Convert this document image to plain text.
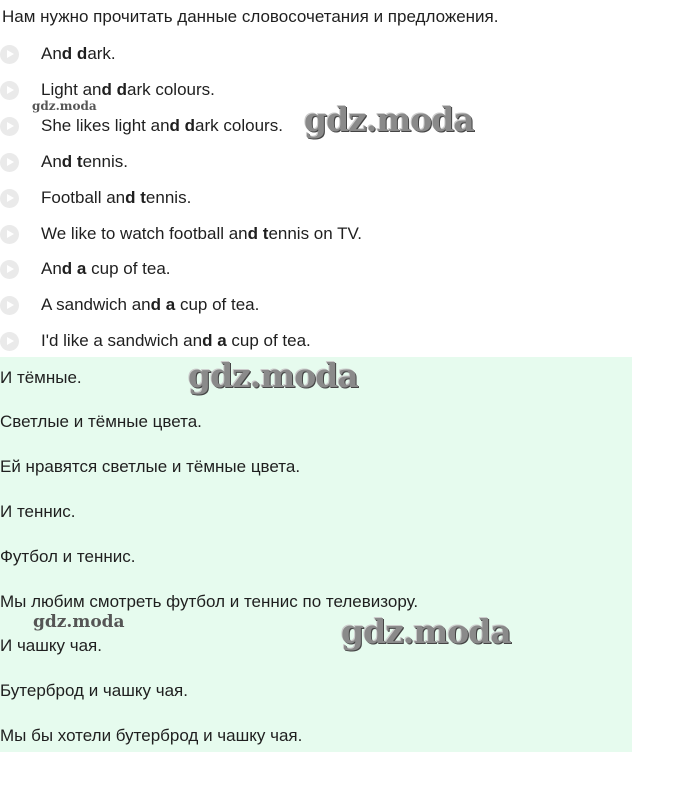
Нам нужно прочитать данные словосочетания и предложения.
And dark.
Light and dark colours.
She likes light and dark colours.
And tennis.
Football and tennis.
We like to watch football and tennis on TV.
And a cup of tea.
A sandwich and a cup of tea.
I'd like a sandwich and a cup of tea.
И тёмные.
Светлые и тёмные цвета.
Ей нравятся светлые и тёмные цвета.
И теннис.
Футбол и теннис.
Мы любим смотреть футбол и теннис по телевизору.
И чашку чая.
Бутерброд и чашку чая.
Мы бы хотели бутерброд и чашку чая.
gdz.moda	gdz.moda
gdz.moda
gdz.moda	gdz.moda
